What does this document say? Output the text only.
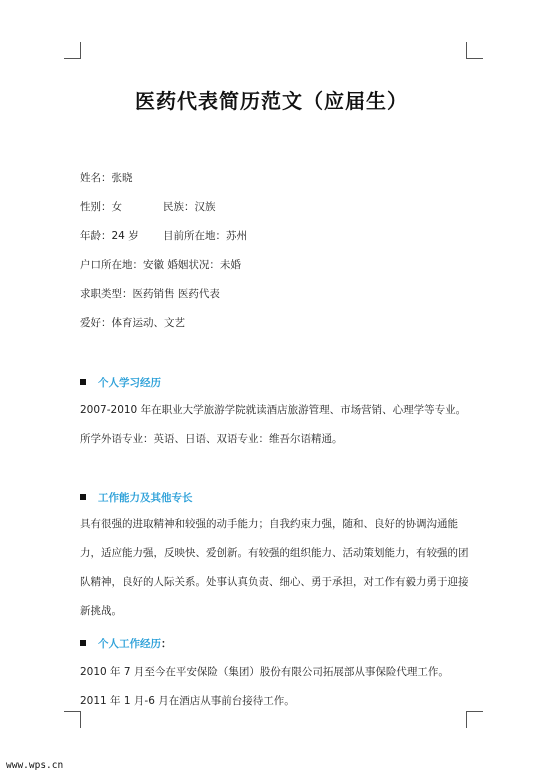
医药代表简历范文（应届生）
姓名：张晓
性别：女	民族：汉族
年龄：24 岁 目前所在地：苏州
户口所在地：安徽 婚姻状况：未婚
求职类型：医药销售 医药代表
爱好：体育运动、文艺
个人学习经历
2007-2010 年在职业大学旅游学院就读酒店旅游管理、市场营销、心理学等专业。
所学外语专业：英语、日语、双语专业：维吾尔语精通。
工作能力及其他专长
具有很强的进取精神和较强的动手能力；自我约束力强，随和、良好的协调沟通能力，适应能力强，反映快、爱创新。有较强的组织能力、活动策划能力，有较强的团队精神，良好的人际关系。处事认真负责、细心、勇于承担，对工作有毅力勇于迎接新挑战。
个人工作经历：
2010 年 7 月至今在平安保险（集团）股份有限公司拓展部从事保险代理工作。
2011 年 1 月-6 月在酒店从事前台接待工作。
www.wps.cn
